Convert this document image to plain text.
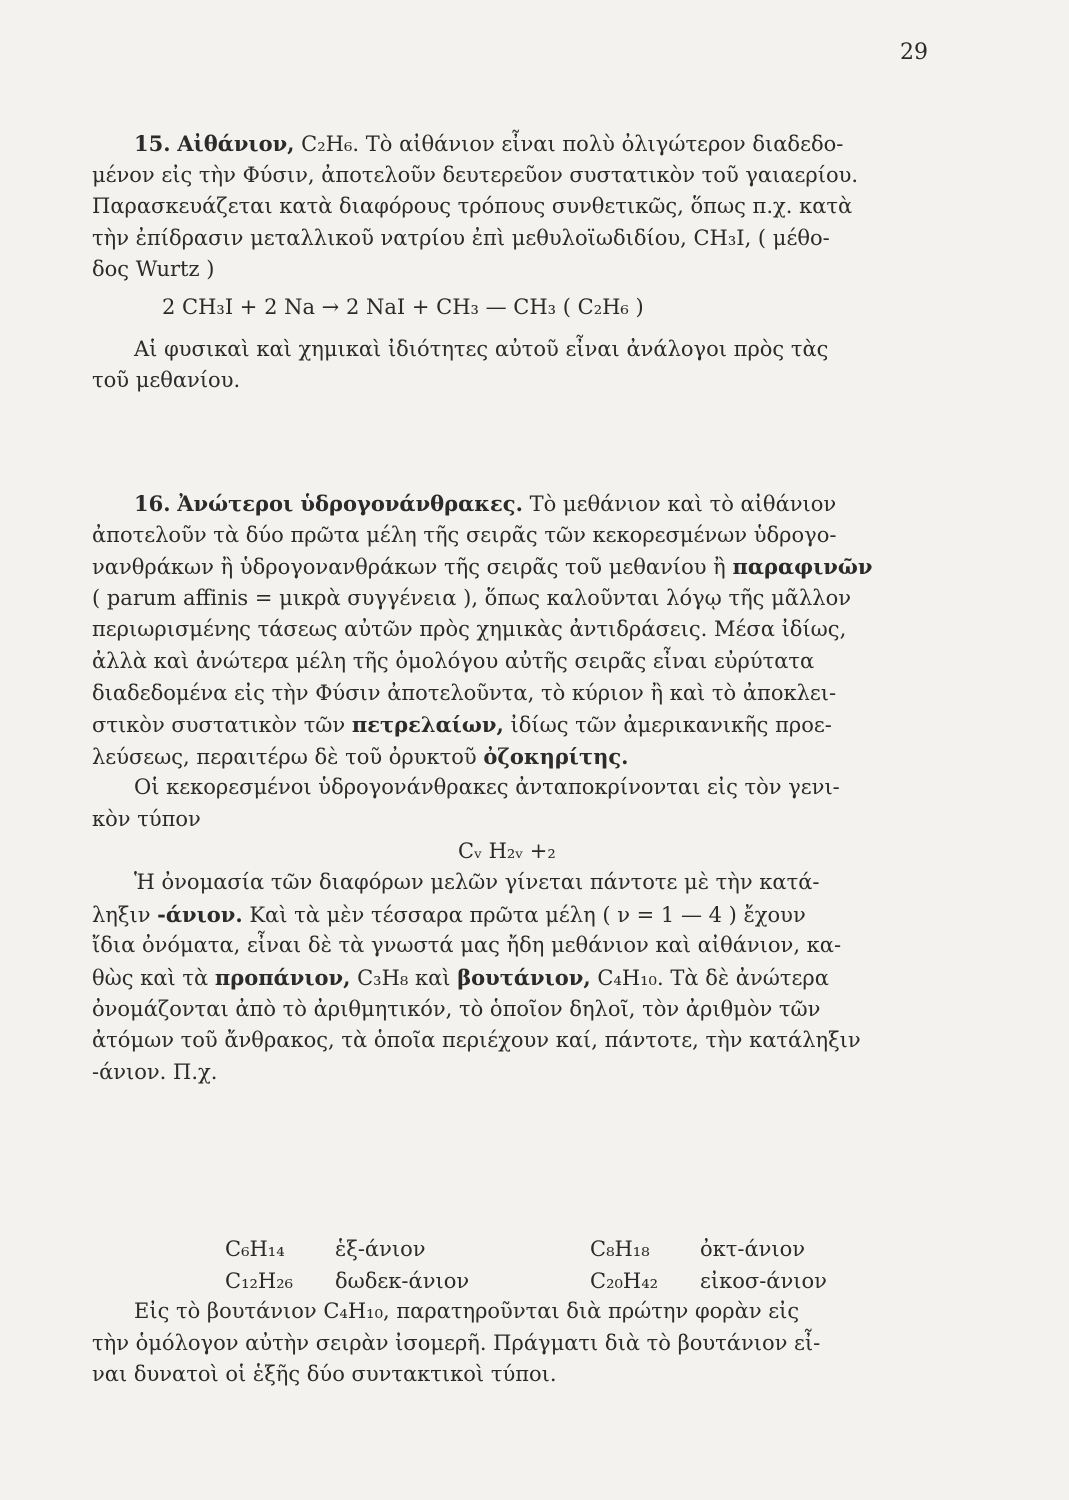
29
15. Αἰθάνιον, C₂H₆. Τὸ αἰθάνιον εἶναι πολὺ ὀλιγώτερον διαδεδο-
μένον εἰς τὴν Φύσιν, ἀποτελοῦν δευτερεῦον συστατικὸν τοῦ γαιαερίου.
Παρασκευάζεται κατὰ διαφόρους τρόπους συνθετικῶς, ὅπως π.χ. κατὰ
τὴν ἐπίδρασιν μεταλλικοῦ νατρίου ἐπὶ μεθυλοϊωδιδίου, CH₃I, ( μέθο-
δος Wurtz )
2 CH₃I + 2 Na → 2 NaI + CH₃ — CH₃ ( C₂H₆ )
Αἱ φυσικαὶ καὶ χημικαὶ ἰδιότητες αὐτοῦ εἶναι ἀνάλογοι πρὸς τὰς
τοῦ μεθανίου.
16. Ἀνώτεροι ὑδρογονάνθρακες. Τὸ μεθάνιον καὶ τὸ αἰθάνιον
ἀποτελοῦν τὰ δύο πρῶτα μέλη τῆς σειρᾶς τῶν κεκορεσμένων ὑδρογο-
νανθράκων ἢ ὑδρογονανθράκων τῆς σειρᾶς τοῦ μεθανίου ἢ παραφινῶν
( parum affinis = μικρὰ συγγένεια ), ὅπως καλοῦνται λόγῳ τῆς μᾶλλον
περιωρισμένης τάσεως αὐτῶν πρὸς χημικὰς ἀντιδράσεις. Μέσα ἰδίως,
ἀλλὰ καὶ ἀνώτερα μέλη τῆς ὁμολόγου αὐτῆς σειρᾶς εἶναι εὐρύτατα
διαδεδομένα εἰς τὴν Φύσιν ἀποτελοῦντα, τὸ κύριον ἢ καὶ τὸ ἀποκλει-
στικὸν συστατικὸν τῶν πετρελαίων, ἰδίως τῶν ἀμερικανικῆς προε-
λεύσεως, περαιτέρω δὲ τοῦ ὀρυκτοῦ ὀζοκηρίτης.
Οἱ κεκορεσμένοι ὑδρογονάνθρακες ἀνταποκρίνονται εἰς τὸν γενι-
κὸν τύπον
Cᵥ H₂ᵥ +₂
Ἡ ὀνομασία τῶν διαφόρων μελῶν γίνεται πάντοτε μὲ τὴν κατά-
ληξιν -άνιον. Καὶ τὰ μὲν τέσσαρα πρῶτα μέλη ( ν = 1 — 4 ) ἔχουν
ἴδια ὀνόματα, εἶναι δὲ τὰ γνωστά μας ἤδη μεθάνιον καὶ αἰθάνιον, κα-
θὼς καὶ τὰ προπάνιον, C₃H₈ καὶ βουτάνιον, C₄H₁₀. Τὰ δὲ ἀνώτερα
ὀνομάζονται ἀπὸ τὸ ἀριθμητικόν, τὸ ὁποῖον δηλοῖ, τὸν ἀριθμὸν τῶν
ἀτόμων τοῦ ἄνθρακος, τὰ ὁποῖα περιέχουν καί, πάντοτε, τὴν κατάληξιν
-άνιον. Π.χ.
C₆H₁₄	ἑξ-άνιον	C₈H₁₈	ὀκτ-άνιον
C₁₂H₂₆	δωδεκ-άνιον	C₂₀H₄₂	εἰκοσ-άνιον
Εἰς τὸ βουτάνιον C₄H₁₀, παρατηροῦνται διὰ πρώτην φορὰν εἰς
τὴν ὁμόλογον αὐτὴν σειρὰν ἰσομερῆ. Πράγματι διὰ τὸ βουτάνιον εἶ-
ναι δυνατοὶ οἱ ἑξῆς δύο συντακτικοὶ τύποι.
